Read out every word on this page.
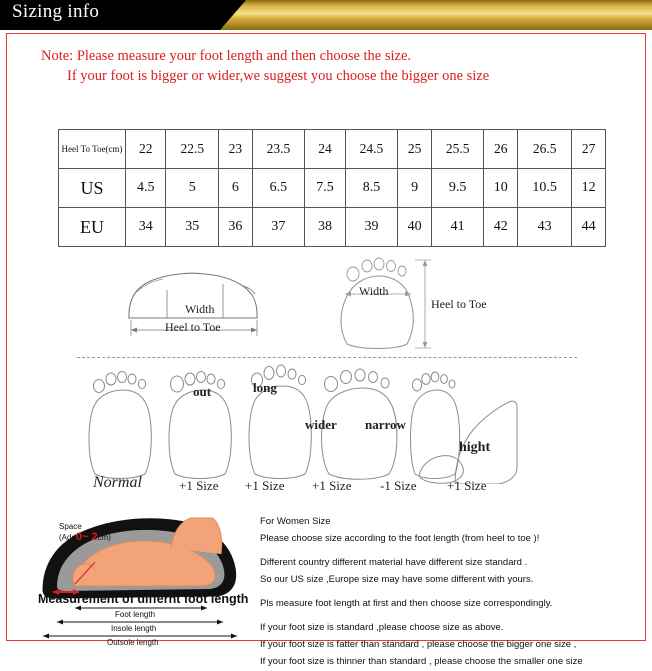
Sizing info
Note: Please measure your foot length and then choose the size.
If your foot is bigger or wider,we suggest you choose the bigger one size
Heel To Toe(cm)	22	22.5	23	23.5	24	24.5	25	25.5	26	26.5	27
US	4.5	5	6	6.5	7.5	8.5	9	9.5	10	10.5	12
EU	34	35	36	37	38	39	40	41	42	43	44
Width
Heel to Toe
Width
Heel to Toe
out	long
wider narrow
hight
Normal	+1 Size +1 Size +1 Size -1 Size +1 Size
Space
(Add0~ 2cm)
Foot length
Insole length
Outsole length

For Women Size

Please choose size according to the foot length (from heel to toe )!

Different country different material have different size standard .

So our US size ,Europe size may have some different with yours.

Pls measure foot length at first and then choose size correspondingly.

If your foot size is standard ,please choose size as above.

If your foot size is fatter than standard , please choose the bigger one size ,

If your foot size is thinner than standard , please choose the smaller one size

Measurement of differnt foot length
